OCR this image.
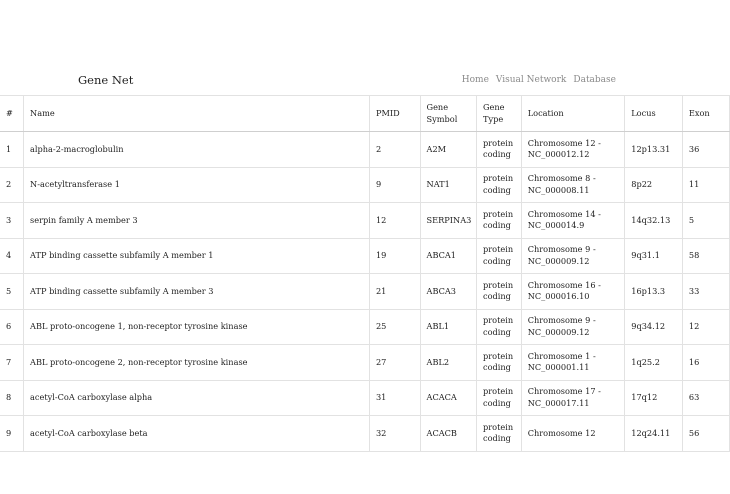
Gene Net	Home Visual Network Database
#	Name	PMID	Gene Symbol	Gene Type	Location	Locus	Exon
1	alpha-2-macroglobulin	2	A2M	protein coding	Chromosome 12 - NC_000012.12	12p13.31	36
2	N-acetyltransferase 1	9	NAT1	protein coding	Chromosome 8 - NC_000008.11	8p22	11
3	serpin family A member 3	12	SERPINA3	protein coding	Chromosome 14 - NC_000014.9	14q32.13	5
4	ATP binding cassette subfamily A member 1	19	ABCA1	protein coding	Chromosome 9 - NC_000009.12	9q31.1	58
5	ATP binding cassette subfamily A member 3	21	ABCA3	protein coding	Chromosome 16 - NC_000016.10	16p13.3	33
6	ABL proto-oncogene 1, non-receptor tyrosine kinase	25	ABL1	protein coding	Chromosome 9 - NC_000009.12	9q34.12	12
7	ABL proto-oncogene 2, non-receptor tyrosine kinase	27	ABL2	protein coding	Chromosome 1 - NC_000001.11	1q25.2	16
8	acetyl-CoA carboxylase alpha	31	ACACA	protein coding	Chromosome 17 - NC_000017.11	17q12	63
9	acetyl-CoA carboxylase beta	32	ACACB	protein coding	Chromosome 12	12q24.11	56
